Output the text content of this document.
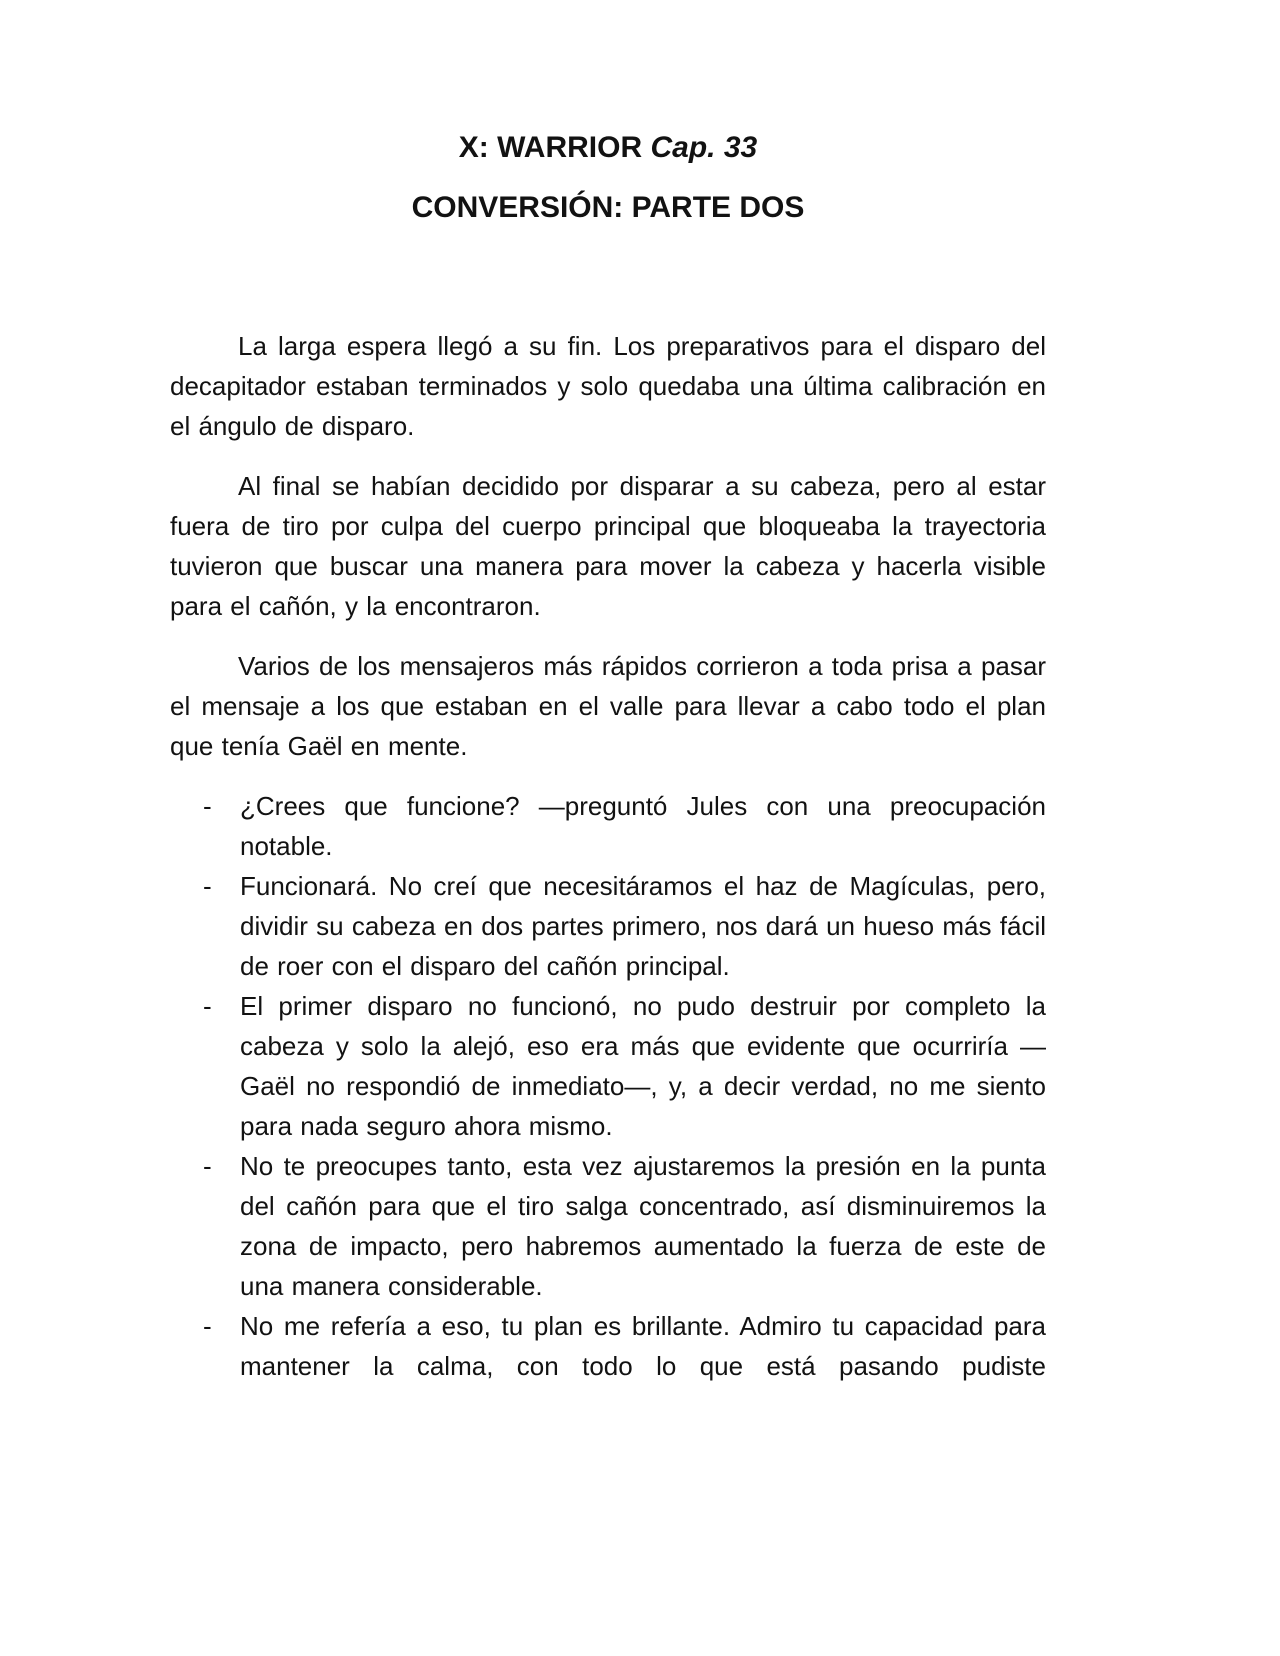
X: WARRIOR Cap. 33
CONVERSIÓN: PARTE DOS

La larga espera llegó a su fin. Los preparativos para el disparo del decapitador estaban terminados y solo quedaba una última calibración en el ángulo de disparo.

Al final se habían decidido por disparar a su cabeza, pero al estar fuera de tiro por culpa del cuerpo principal que bloqueaba la trayectoria tuvieron que buscar una manera para mover la cabeza y hacerla visible para el cañón, y la encontraron.

Varios de los mensajeros más rápidos corrieron a toda prisa a pasar el mensaje a los que estaban en el valle para llevar a cabo todo el plan que tenía Gaël en mente.

- ¿Crees que funcione? —preguntó Jules con una preocupación notable.
- Funcionará. No creí que necesitáramos el haz de Magículas, pero, dividir su cabeza en dos partes primero, nos dará un hueso más fácil de roer con el disparo del cañón principal.
- El primer disparo no funcionó, no pudo destruir por completo la cabeza y solo la alejó, eso era más que evidente que ocurriría —Gaël no respondió de inmediato—, y, a decir verdad, no me siento para nada seguro ahora mismo.
- No te preocupes tanto, esta vez ajustaremos la presión en la punta del cañón para que el tiro salga concentrado, así disminuiremos la zona de impacto, pero habremos aumentado la fuerza de este de una manera considerable.
- No me refería a eso, tu plan es brillante. Admiro tu capacidad para mantener la calma, con todo lo que está pasando pudiste
